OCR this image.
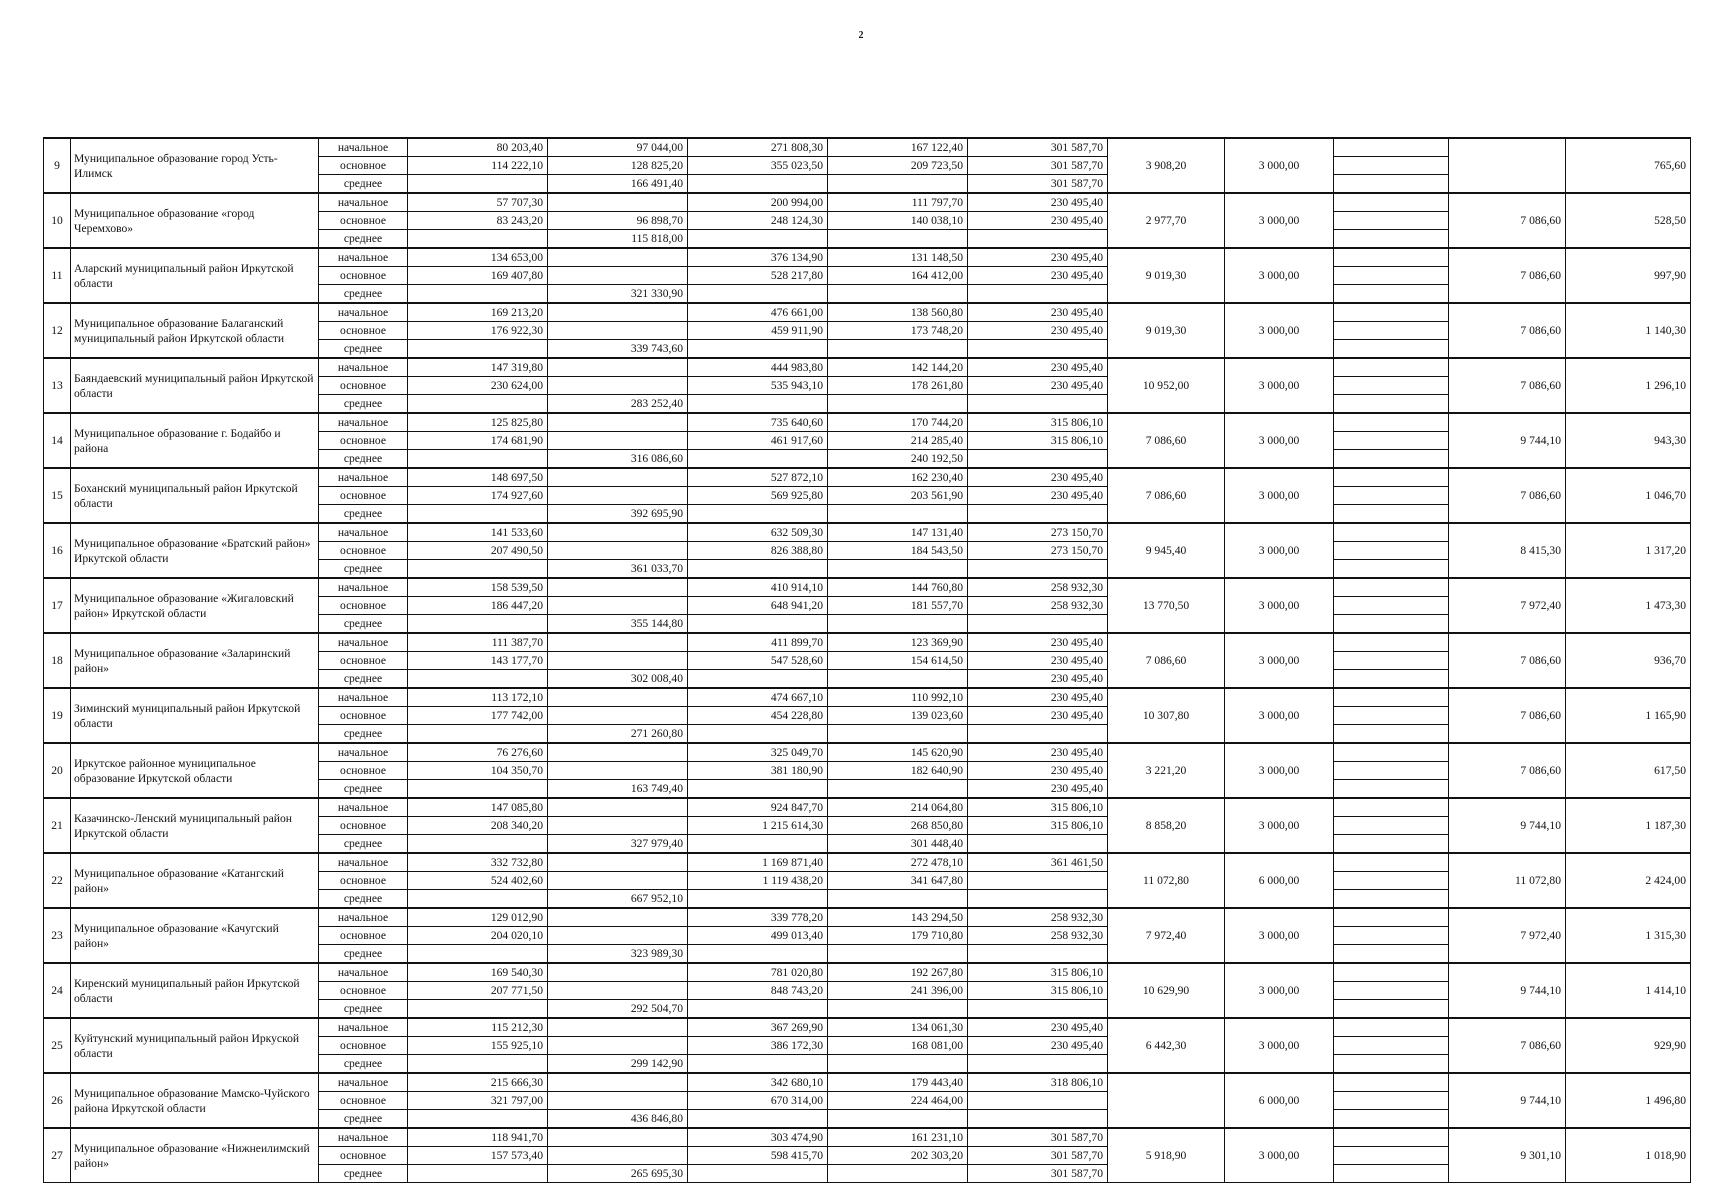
2
9	Муниципальное образование город Усть-Илимск	начальное	80 203,40	97 044,00	271 808,30	167 122,40	301 587,70	3 908,20	3 000,00			765,60
		основное	114 222,10	128 825,20	355 023,50	209 723,50	301 587,70					
		среднее		166 491,40			301 587,70					
10	Муниципальное образование «город Черемхово»	начальное	57 707,30		200 994,00	111 797,70	230 495,40	2 977,70	3 000,00		7 086,60	528,50
		основное	83 243,20	96 898,70	248 124,30	140 038,10	230 495,40					
		среднее		115 818,00								
11	Аларский муниципальный район Иркутской области	начальное	134 653,00		376 134,90	131 148,50	230 495,40	9 019,30	3 000,00		7 086,60	997,90
		основное	169 407,80		528 217,80	164 412,00	230 495,40					
		среднее		321 330,90								
12	Муниципальное образование Балаганский муниципальный район Иркутской области	начальное	169 213,20		476 661,00	138 560,80	230 495,40	9 019,30	3 000,00		7 086,60	1 140,30
		основное	176 922,30		459 911,90	173 748,20	230 495,40					
		среднее		339 743,60								
13	Баяндаевский муниципальный район Иркутской области	начальное	147 319,80		444 983,80	142 144,20	230 495,40	10 952,00	3 000,00		7 086,60	1 296,10
		основное	230 624,00		535 943,10	178 261,80	230 495,40					
		среднее		283 252,40								
14	Муниципальное образование г. Бодайбо и района	начальное	125 825,80		735 640,60	170 744,20	315 806,10	7 086,60	3 000,00		9 744,10	943,30
		основное	174 681,90		461 917,60	214 285,40	315 806,10					
		среднее		316 086,60		240 192,50						
15	Боханский муниципальный район Иркутской области	начальное	148 697,50		527 872,10	162 230,40	230 495,40	7 086,60	3 000,00		7 086,60	1 046,70
		основное	174 927,60		569 925,80	203 561,90	230 495,40					
		среднее		392 695,90								
16	Муниципальное образование «Братский район» Иркутской области	начальное	141 533,60		632 509,30	147 131,40	273 150,70	9 945,40	3 000,00		8 415,30	1 317,20
		основное	207 490,50		826 388,80	184 543,50	273 150,70					
		среднее		361 033,70								
17	Муниципальное образование «Жигаловский район» Иркутской области	начальное	158 539,50		410 914,10	144 760,80	258 932,30	13 770,50	3 000,00		7 972,40	1 473,30
		основное	186 447,20		648 941,20	181 557,70	258 932,30					
		среднее		355 144,80								
18	Муниципальное образование «Заларинский район»	начальное	111 387,70		411 899,70	123 369,90	230 495,40	7 086,60	3 000,00		7 086,60	936,70
		основное	143 177,70		547 528,60	154 614,50	230 495,40					
		среднее		302 008,40			230 495,40					
19	Зиминский муниципальный район Иркутской области	начальное	113 172,10		474 667,10	110 992,10	230 495,40	10 307,80	3 000,00		7 086,60	1 165,90
		основное	177 742,00		454 228,80	139 023,60	230 495,40					
		среднее		271 260,80								
20	Иркутское районное муниципальное образование Иркутской области	начальное	76 276,60		325 049,70	145 620,90	230 495,40	3 221,20	3 000,00		7 086,60	617,50
		основное	104 350,70		381 180,90	182 640,90	230 495,40					
		среднее		163 749,40			230 495,40					
21	Казачинско-Ленский муниципальный район Иркутской области	начальное	147 085,80		924 847,70	214 064,80	315 806,10	8 858,20	3 000,00		9 744,10	1 187,30
		основное	208 340,20		1 215 614,30	268 850,80	315 806,10					
		среднее		327 979,40		301 448,40						
22	Муниципальное образование «Катангский район»	начальное	332 732,80		1 169 871,40	272 478,10	361 461,50	11 072,80	6 000,00		11 072,80	2 424,00
		основное	524 402,60		1 119 438,20	341 647,80						
		среднее		667 952,10								
23	Муниципальное образование «Качугский район»	начальное	129 012,90		339 778,20	143 294,50	258 932,30	7 972,40	3 000,00		7 972,40	1 315,30
		основное	204 020,10		499 013,40	179 710,80	258 932,30					
		среднее		323 989,30								
24	Киренский муниципальный район Иркутской области	начальное	169 540,30		781 020,80	192 267,80	315 806,10	10 629,90	3 000,00		9 744,10	1 414,10
		основное	207 771,50		848 743,20	241 396,00	315 806,10					
		среднее		292 504,70								
25	Куйтунский муниципальный район Иркуской области	начальное	115 212,30		367 269,90	134 061,30	230 495,40	6 442,30	3 000,00		7 086,60	929,90
		основное	155 925,10		386 172,30	168 081,00	230 495,40					
		среднее		299 142,90								
26	Муниципальное образование Мамско-Чуйского района Иркутской области	начальное	215 666,30		342 680,10	179 443,40	318 806,10		6 000,00		9 744,10	1 496,80
		основное	321 797,00		670 314,00	224 464,00						
		среднее		436 846,80								
27	Муниципальное образование «Нижнеилимский район»	начальное	118 941,70		303 474,90	161 231,10	301 587,70	5 918,90	3 000,00		9 301,10	1 018,90
		основное	157 573,40		598 415,70	202 303,20	301 587,70					
		среднее		265 695,30			301 587,70					
